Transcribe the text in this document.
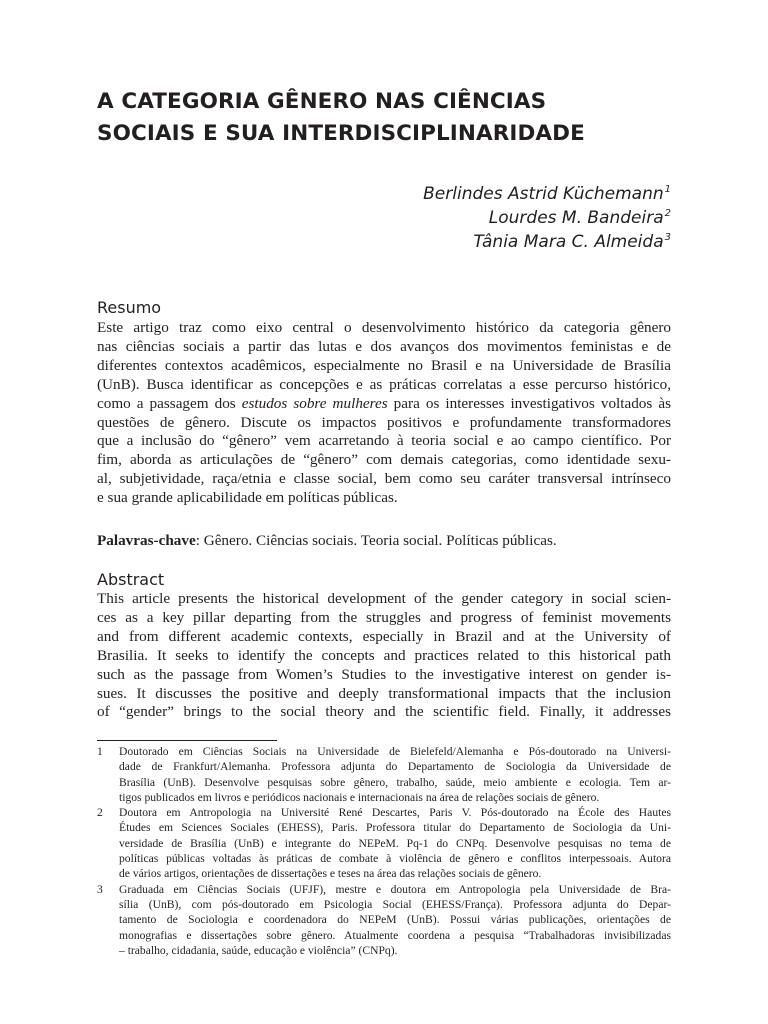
A CATEGORIA GÊNERO NAS CIÊNCIAS
SOCIAIS E SUA INTERDISCIPLINARIDADE
Berlindes Astrid Küchemann$^1$
Lourdes M. Bandeira$^2$
Tânia Mara C. Almeida$^3$
Resumo
Este artigo traz como eixo central o desenvolvimento histórico da categoria gênero
nas ciências sociais a partir das lutas e dos avanços dos movimentos feministas e de
diferentes contextos acadêmicos, especialmente no Brasil e na Universidade de Brasília
(UnB). Busca identificar as concepções e as práticas correlatas a esse percurso histórico,
como a passagem dos estudos sobre mulheres para os interesses investigativos voltados às
questões de gênero. Discute os impactos positivos e profundamente transformadores
que a inclusão do “gênero” vem acarretando à teoria social e ao campo científico. Por
fim, aborda as articulações de “gênero” com demais categorias, como identidade sexu-
al, subjetividade, raça/etnia e classe social, bem como seu caráter transversal intrínseco
e sua grande aplicabilidade em políticas públicas.
Palavras-chave: Gênero. Ciências sociais. Teoria social. Políticas públicas.
Abstract
This article presents the historical development of the gender category in social scien-
ces as a key pillar departing from the struggles and progress of feminist movements
and from different academic contexts, especially in Brazil and at the University of
Brasilia. It seeks to identify the concepts and practices related to this historical path
such as the passage from Women’s Studies to the investigative interest on gender is-
sues. It discusses the positive and deeply transformational impacts that the inclusion
of “gender” brings to the social theory and the scientific field. Finally, it addresses
1 Doutorado em Ciências Sociais na Universidade de Bielefeld/Alemanha e Pós-doutorado na Universi-
dade de Frankfurt/Alemanha. Professora adjunta do Departamento de Sociologia da Universidade de
Brasília (UnB). Desenvolve pesquisas sobre gênero, trabalho, saúde, meio ambiente e ecologia. Tem ar-
tigos publicados em livros e periódicos nacionais e internacionais na área de relações sociais de gênero.
2 Doutora em Antropologia na Université René Descartes, Paris V. Pós-doutorado na École des Hautes
Études em Sciences Sociales (EHESS), Paris. Professora titular do Departamento de Sociologia da Uni-
versidade de Brasília (UnB) e integrante do NEPeM. Pq-1 do CNPq. Desenvolve pesquisas no tema de
políticas públicas voltadas às práticas de combate à violência de gênero e conflitos interpessoais. Autora
de vários artigos, orientações de dissertações e teses na área das relações sociais de gênero.
3 Graduada em Ciências Sociais (UFJF), mestre e doutora em Antropologia pela Universidade de Bra-
sília (UnB), com pós-doutorado em Psicologia Social (EHESS/França). Professora adjunta do Depar-
tamento de Sociologia e coordenadora do NEPeM (UnB). Possui várias publicações, orientações de
monografias e dissertações sobre gênero. Atualmente coordena a pesquisa “Trabalhadoras invisibilizadas
– trabalho, cidadania, saúde, educação e violência” (CNPq).
